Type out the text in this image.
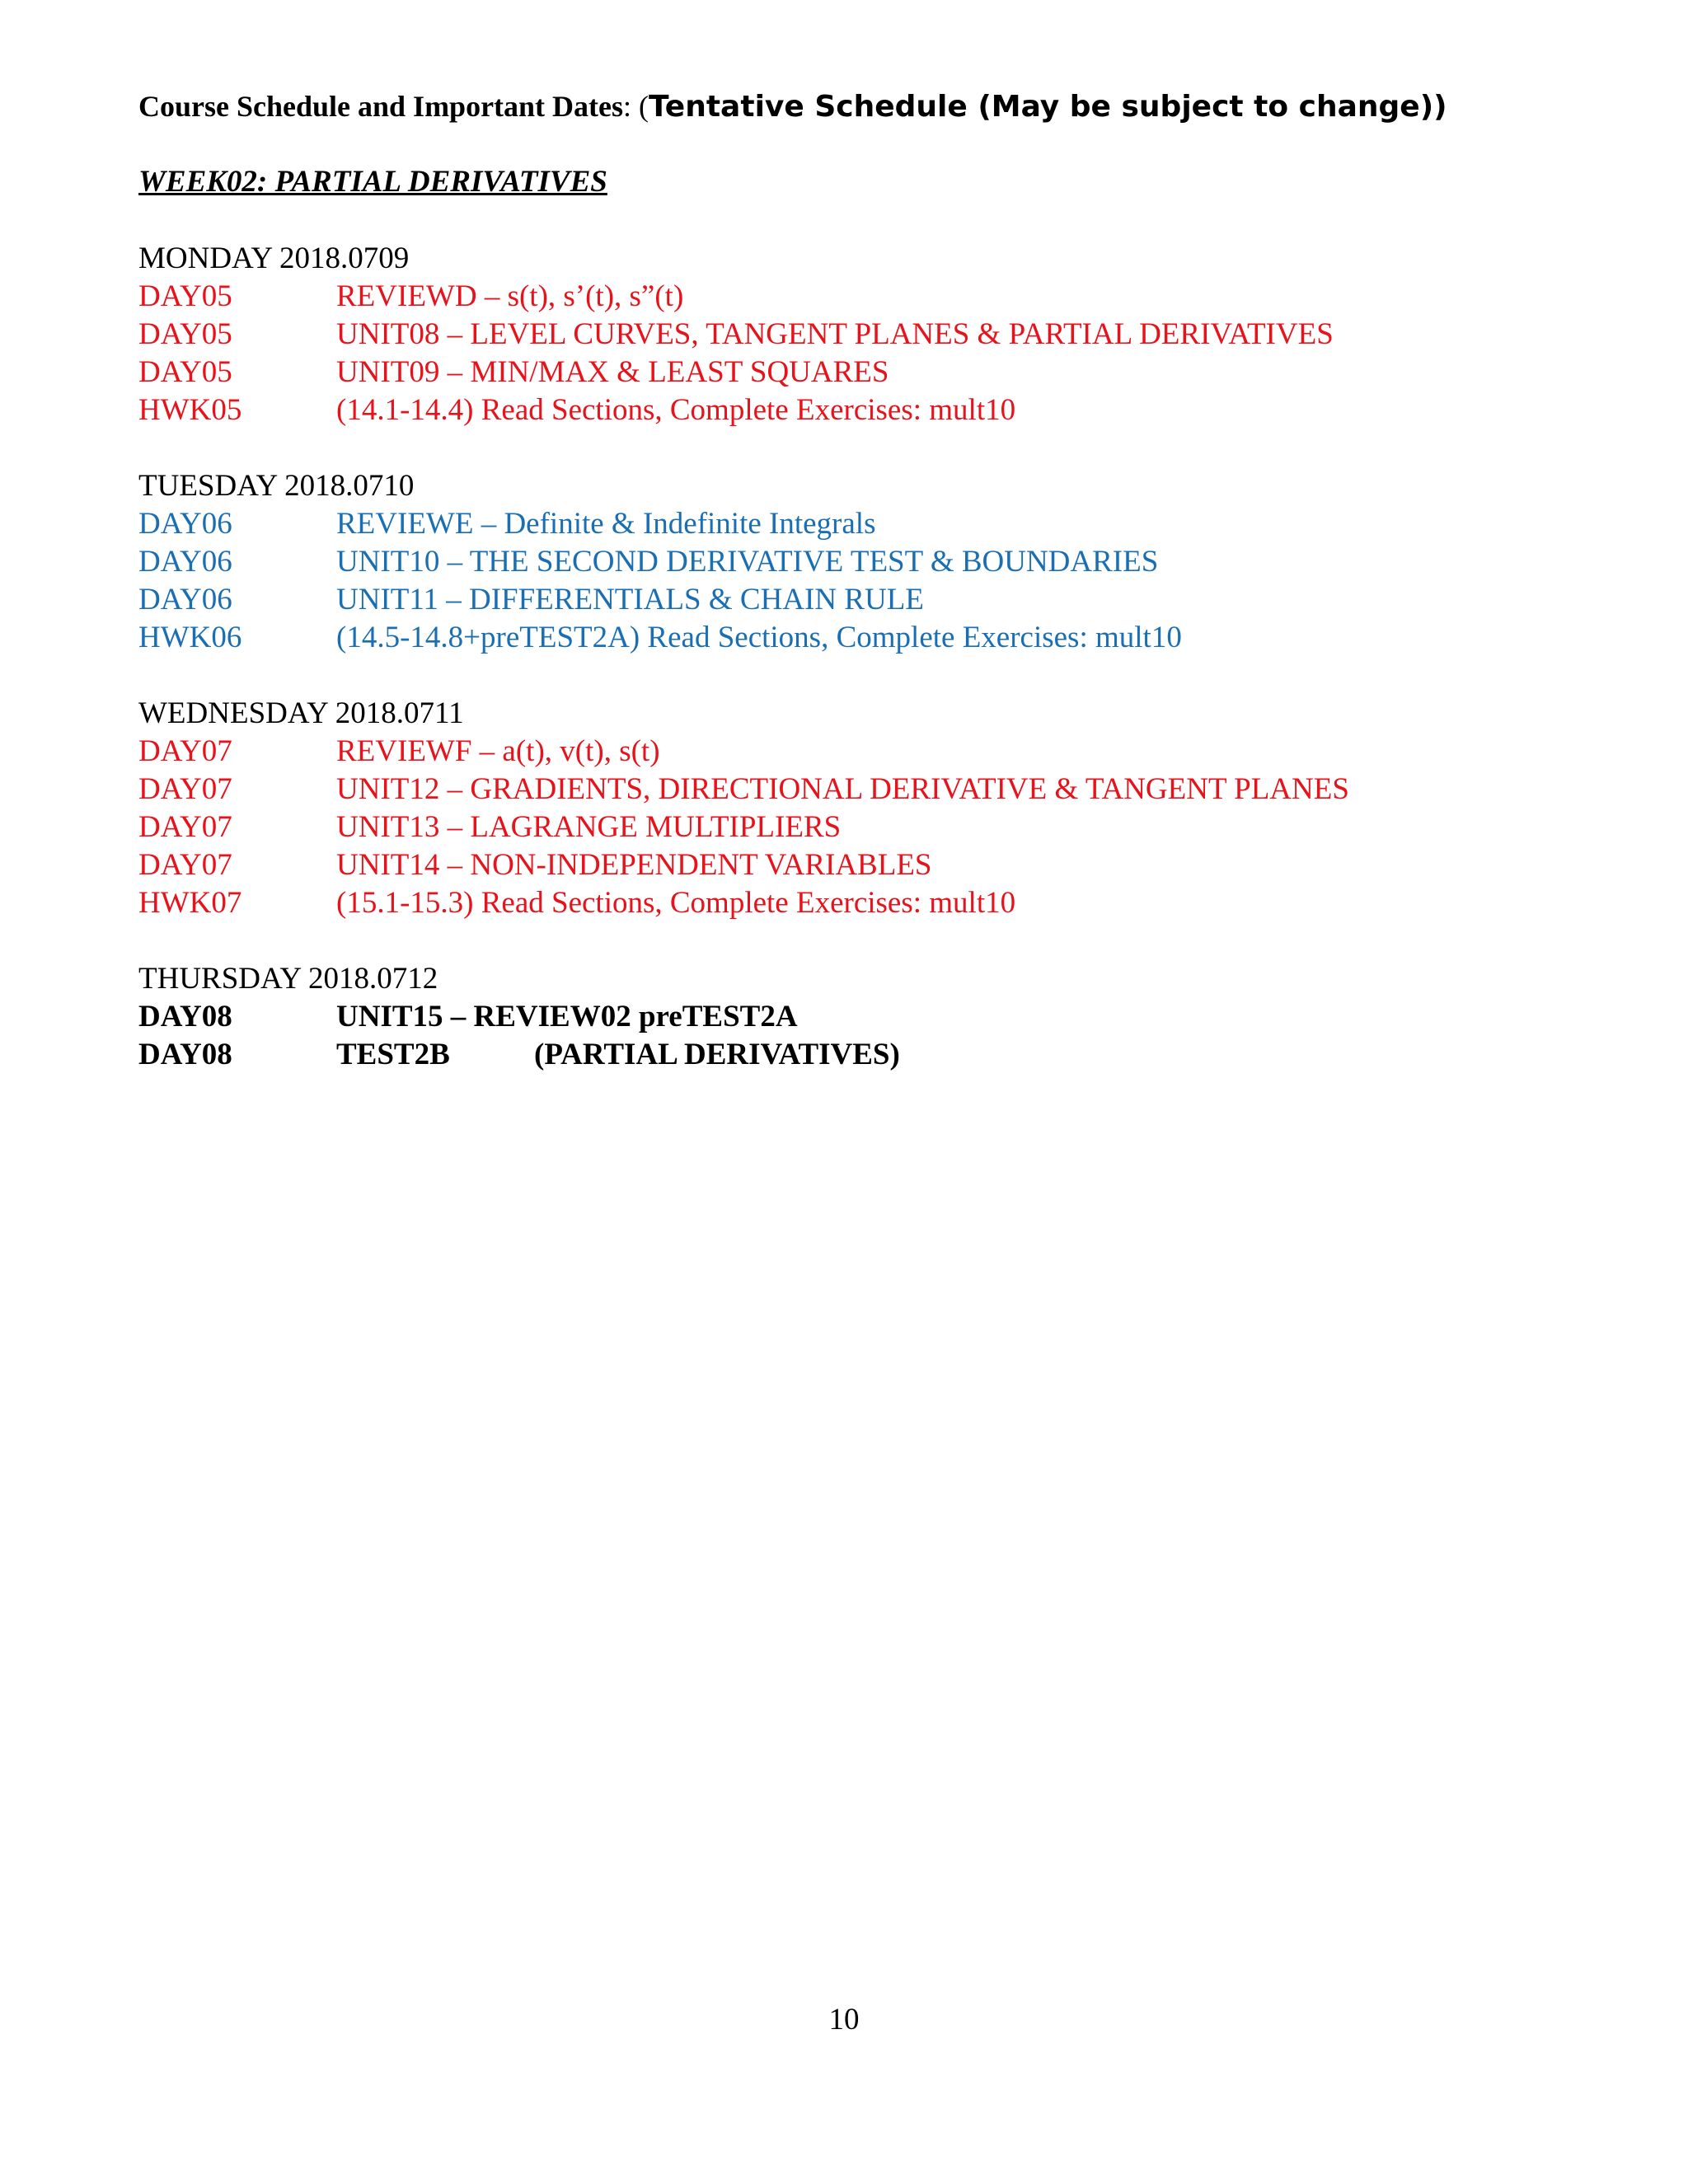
Course Schedule and Important Dates: (Tentative Schedule (May be subject to change))
WEEK02: PARTIAL DERIVATIVES
MONDAY 2018.0709
DAY05	REVIEWD – s(t), s’(t), s”(t)
DAY05	UNIT08 – LEVEL CURVES, TANGENT PLANES & PARTIAL DERIVATIVES
DAY05	UNIT09 – MIN/MAX & LEAST SQUARES
HWK05	(14.1-14.4) Read Sections, Complete Exercises: mult10
TUESDAY 2018.0710
DAY06	REVIEWE – Definite & Indefinite Integrals
DAY06	UNIT10 – THE SECOND DERIVATIVE TEST & BOUNDARIES
DAY06	UNIT11 – DIFFERENTIALS & CHAIN RULE
HWK06	(14.5-14.8+preTEST2A) Read Sections, Complete Exercises: mult10
WEDNESDAY 2018.0711
DAY07	REVIEWF – a(t), v(t), s(t)
DAY07	UNIT12 – GRADIENTS, DIRECTIONAL DERIVATIVE & TANGENT PLANES
DAY07	UNIT13 – LAGRANGE MULTIPLIERS
DAY07	UNIT14 – NON-INDEPENDENT VARIABLES
HWK07	(15.1-15.3) Read Sections, Complete Exercises: mult10
THURSDAY 2018.0712
DAY08	UNIT15 – REVIEW02 preTEST2A
DAY08	TEST2B	(PARTIAL DERIVATIVES)
10
